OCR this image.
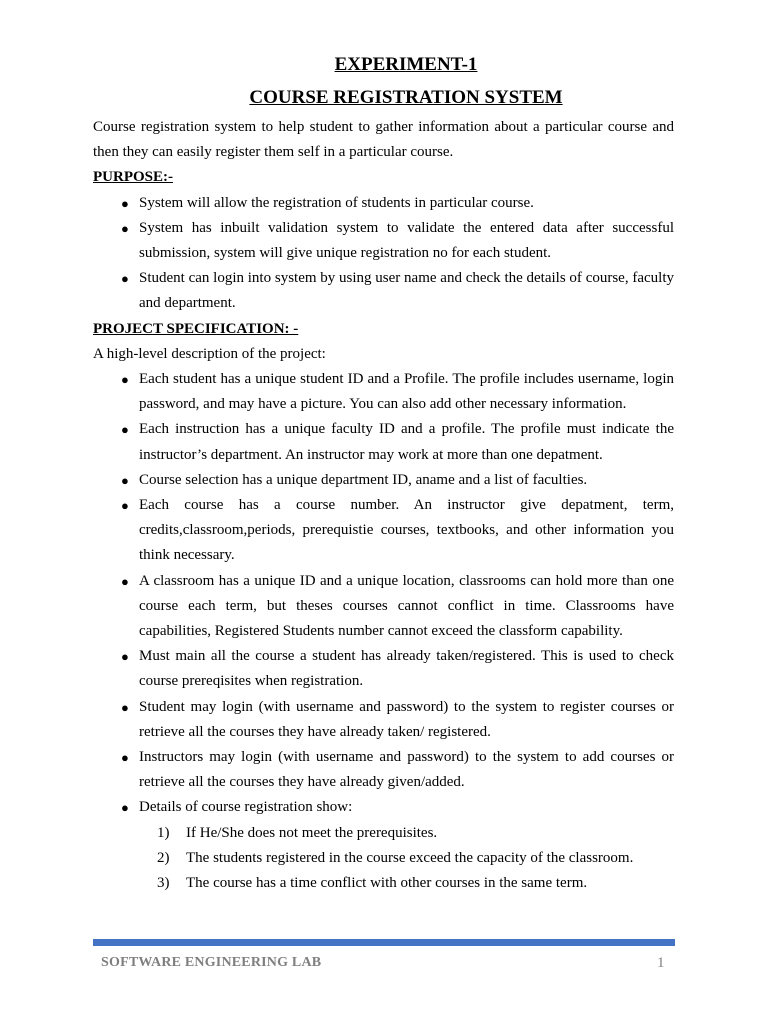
EXPERIMENT-1
COURSE REGISTRATION SYSTEM

Course registration system to help student to gather information about a particular course and then they can easily register them self in a particular course.

PURPOSE:-
● System will allow the registration of students in particular course.
● System has inbuilt validation system to validate the entered data after successful submission, system will give unique registration no for each student.
● Student can login into system by using user name and check the details of course, faculty and department.
PROJECT SPECIFICATION: -

A high-level description of the project:

● Each student has a unique student ID and a Profile. The profile includes username, login password, and may have a picture. You can also add other necessary information.
● Each instruction has a unique faculty ID and a profile. The profile must indicate the instructor’s department. An instructor may work at more than one depatment.
● Course selection has a unique department ID, aname and a list of faculties.
● Each course has a course number. An instructor give depatment, term, credits,classroom,periods, prerequistie courses, textbooks, and other information you think necessary.
● A classroom has a unique ID and a unique location, classrooms can hold more than one course each term, but theses courses cannot conflict in time. Classrooms have capabilities, Registered Students number cannot exceed the classform capability.
● Must main all the course a student has already taken/registered. This is used to check course prereqisites when registration.
● Student may login (with username and password) to the system to register courses or retrieve all the courses they have already taken/ registered.
● Instructors may login (with username and password) to the system to add courses or retrieve all the courses they have already given/added.
● Details of course registration show:
1) If He/She does not meet the prerequisites.
2) The students registered in the course exceed the capacity of the classroom.
3) The course has a time conflict with other courses in the same term.
SOFTWARE ENGINEERING LAB	1
